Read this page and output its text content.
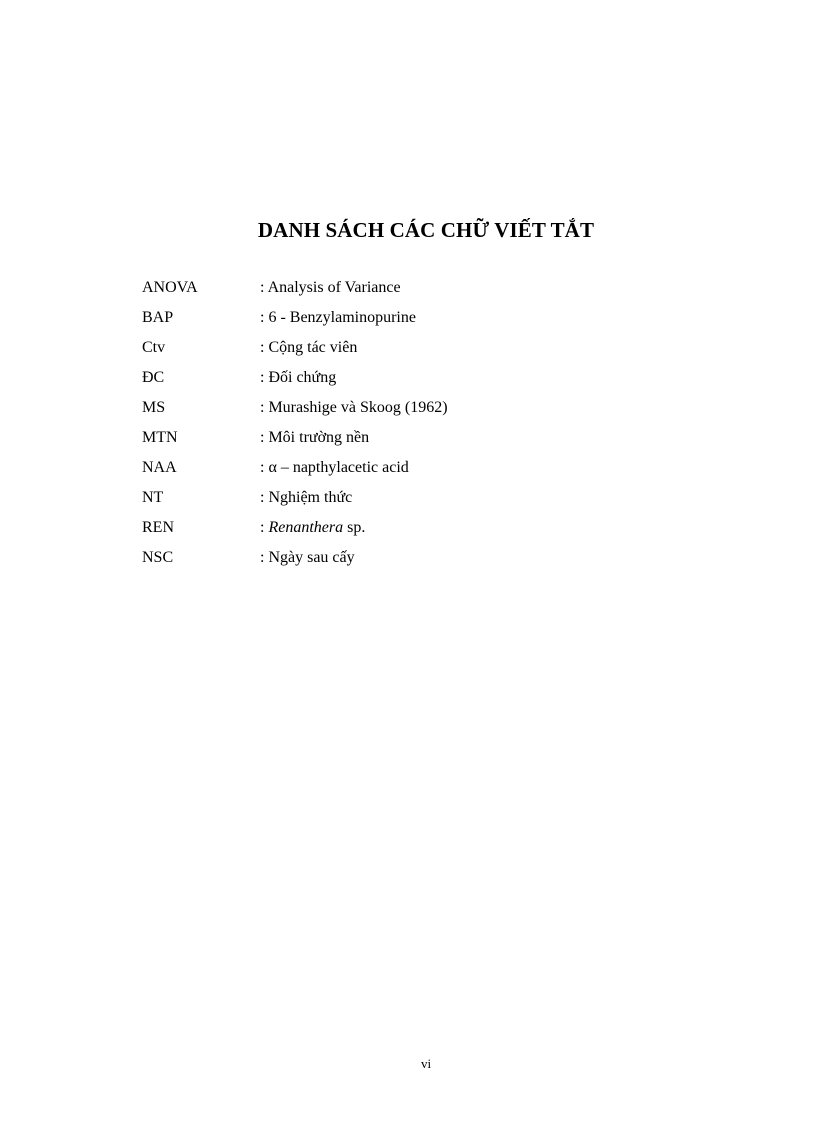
DANH SÁCH CÁC CHỮ VIẾT TẮT
ANOVA	: Analysis of Variance
BAP	: 6 - Benzylaminopurine
Ctv	: Cộng tác viên
ĐC	: Đối chứng
MS	: Murashige và Skoog (1962)
MTN	: Môi trường nền
NAA	: α – napthylacetic acid
NT	: Nghiệm thức
REN	: Renanthera sp.
NSC	: Ngày sau cấy
vi
